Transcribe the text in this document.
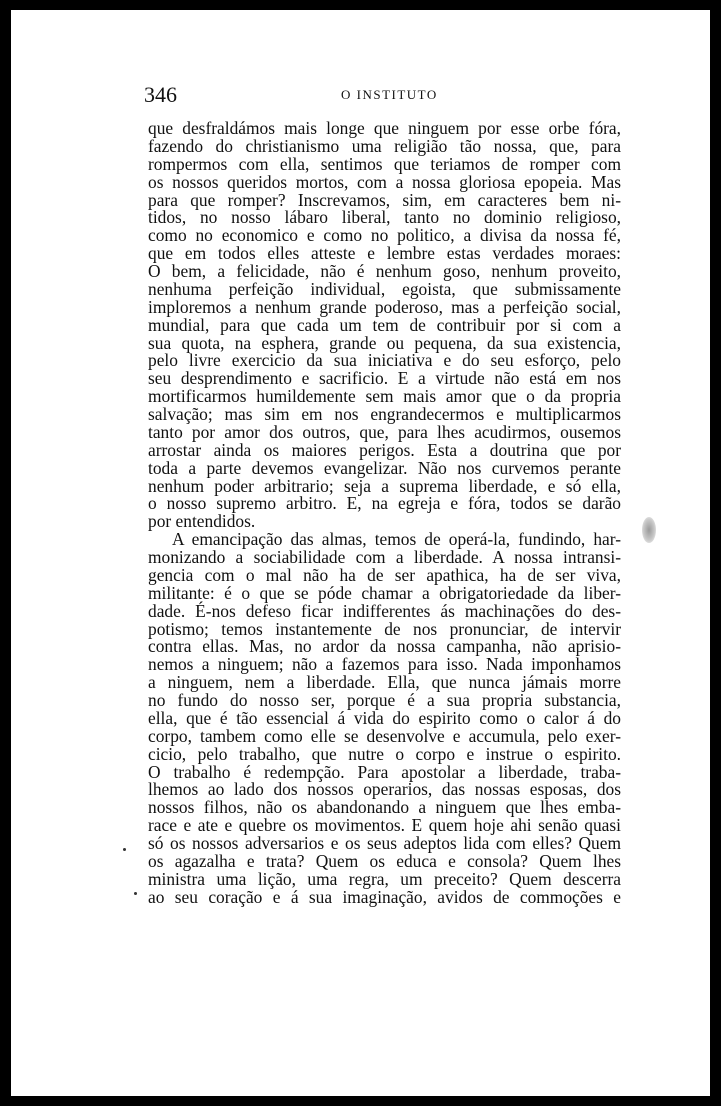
346	O INSTITUTO
que desfraldámos mais longe que ninguem por esse orbe fóra,
fazendo do christianismo uma religião tão nossa, que, para
rompermos com ella, sentimos que teriamos de romper com
os nossos queridos mortos, com a nossa gloriosa epopeia. Mas
para que romper? Inscrevamos, sim, em caracteres bem ni-
tidos, no nosso lábaro liberal, tanto no dominio religioso,
como no economico e como no politico, a divisa da nossa fé,
que em todos elles atteste e lembre estas verdades moraes:
O bem, a felicidade, não é nenhum goso, nenhum proveito,
nenhuma perfeição individual, egoista, que submissamente
imploremos a nenhum grande poderoso, mas a perfeição social,
mundial, para que cada um tem de contribuir por si com a
sua quota, na esphera, grande ou pequena, da sua existencia,
pelo livre exercicio da sua iniciativa e do seu esforço, pelo
seu desprendimento e sacrificio. E a virtude não está em nos
mortificarmos humildemente sem mais amor que o da propria
salvação; mas sim em nos engrandecermos e multiplicarmos
tanto por amor dos outros, que, para lhes acudirmos, ousemos
arrostar ainda os maiores perigos. Esta a doutrina que por
toda a parte devemos evangelizar. Não nos curvemos perante
nenhum poder arbitrario; seja a suprema liberdade, e só ella,
o nosso supremo arbitro. E, na egreja e fóra, todos se darão
por entendidos.
A emancipação das almas, temos de operá-la, fundindo, har-
monizando a sociabilidade com a liberdade. A nossa intransi-
gencia com o mal não ha de ser apathica, ha de ser viva,
militante: é o que se póde chamar a obrigatoriedade da liber-
dade. É-nos defeso ficar indifferentes ás machinações do des-
potismo; temos instantemente de nos pronunciar, de intervir
contra ellas. Mas, no ardor da nossa campanha, não aprisio-
nemos a ninguem; não a fazemos para isso. Nada imponhamos
a ninguem, nem a liberdade. Ella, que nunca jámais morre
no fundo do nosso ser, porque é a sua propria substancia,
ella, que é tão essencial á vida do espirito como o calor á do
corpo, tambem como elle se desenvolve e accumula, pelo exer-
cicio, pelo trabalho, que nutre o corpo e instrue o espirito.
O trabalho é redempção. Para apostolar a liberdade, traba-
lhemos ao lado dos nossos operarios, das nossas esposas, dos
nossos filhos, não os abandonando a ninguem que lhes emba-
race e ate e quebre os movimentos. E quem hoje ahi senão quasi
só os nossos adversarios e os seus adeptos lida com elles? Quem
os agazalha e trata? Quem os educa e consola? Quem lhes
ministra uma lição, uma regra, um preceito? Quem descerra
ao seu coração e á sua imaginação, avidos de commoções e
